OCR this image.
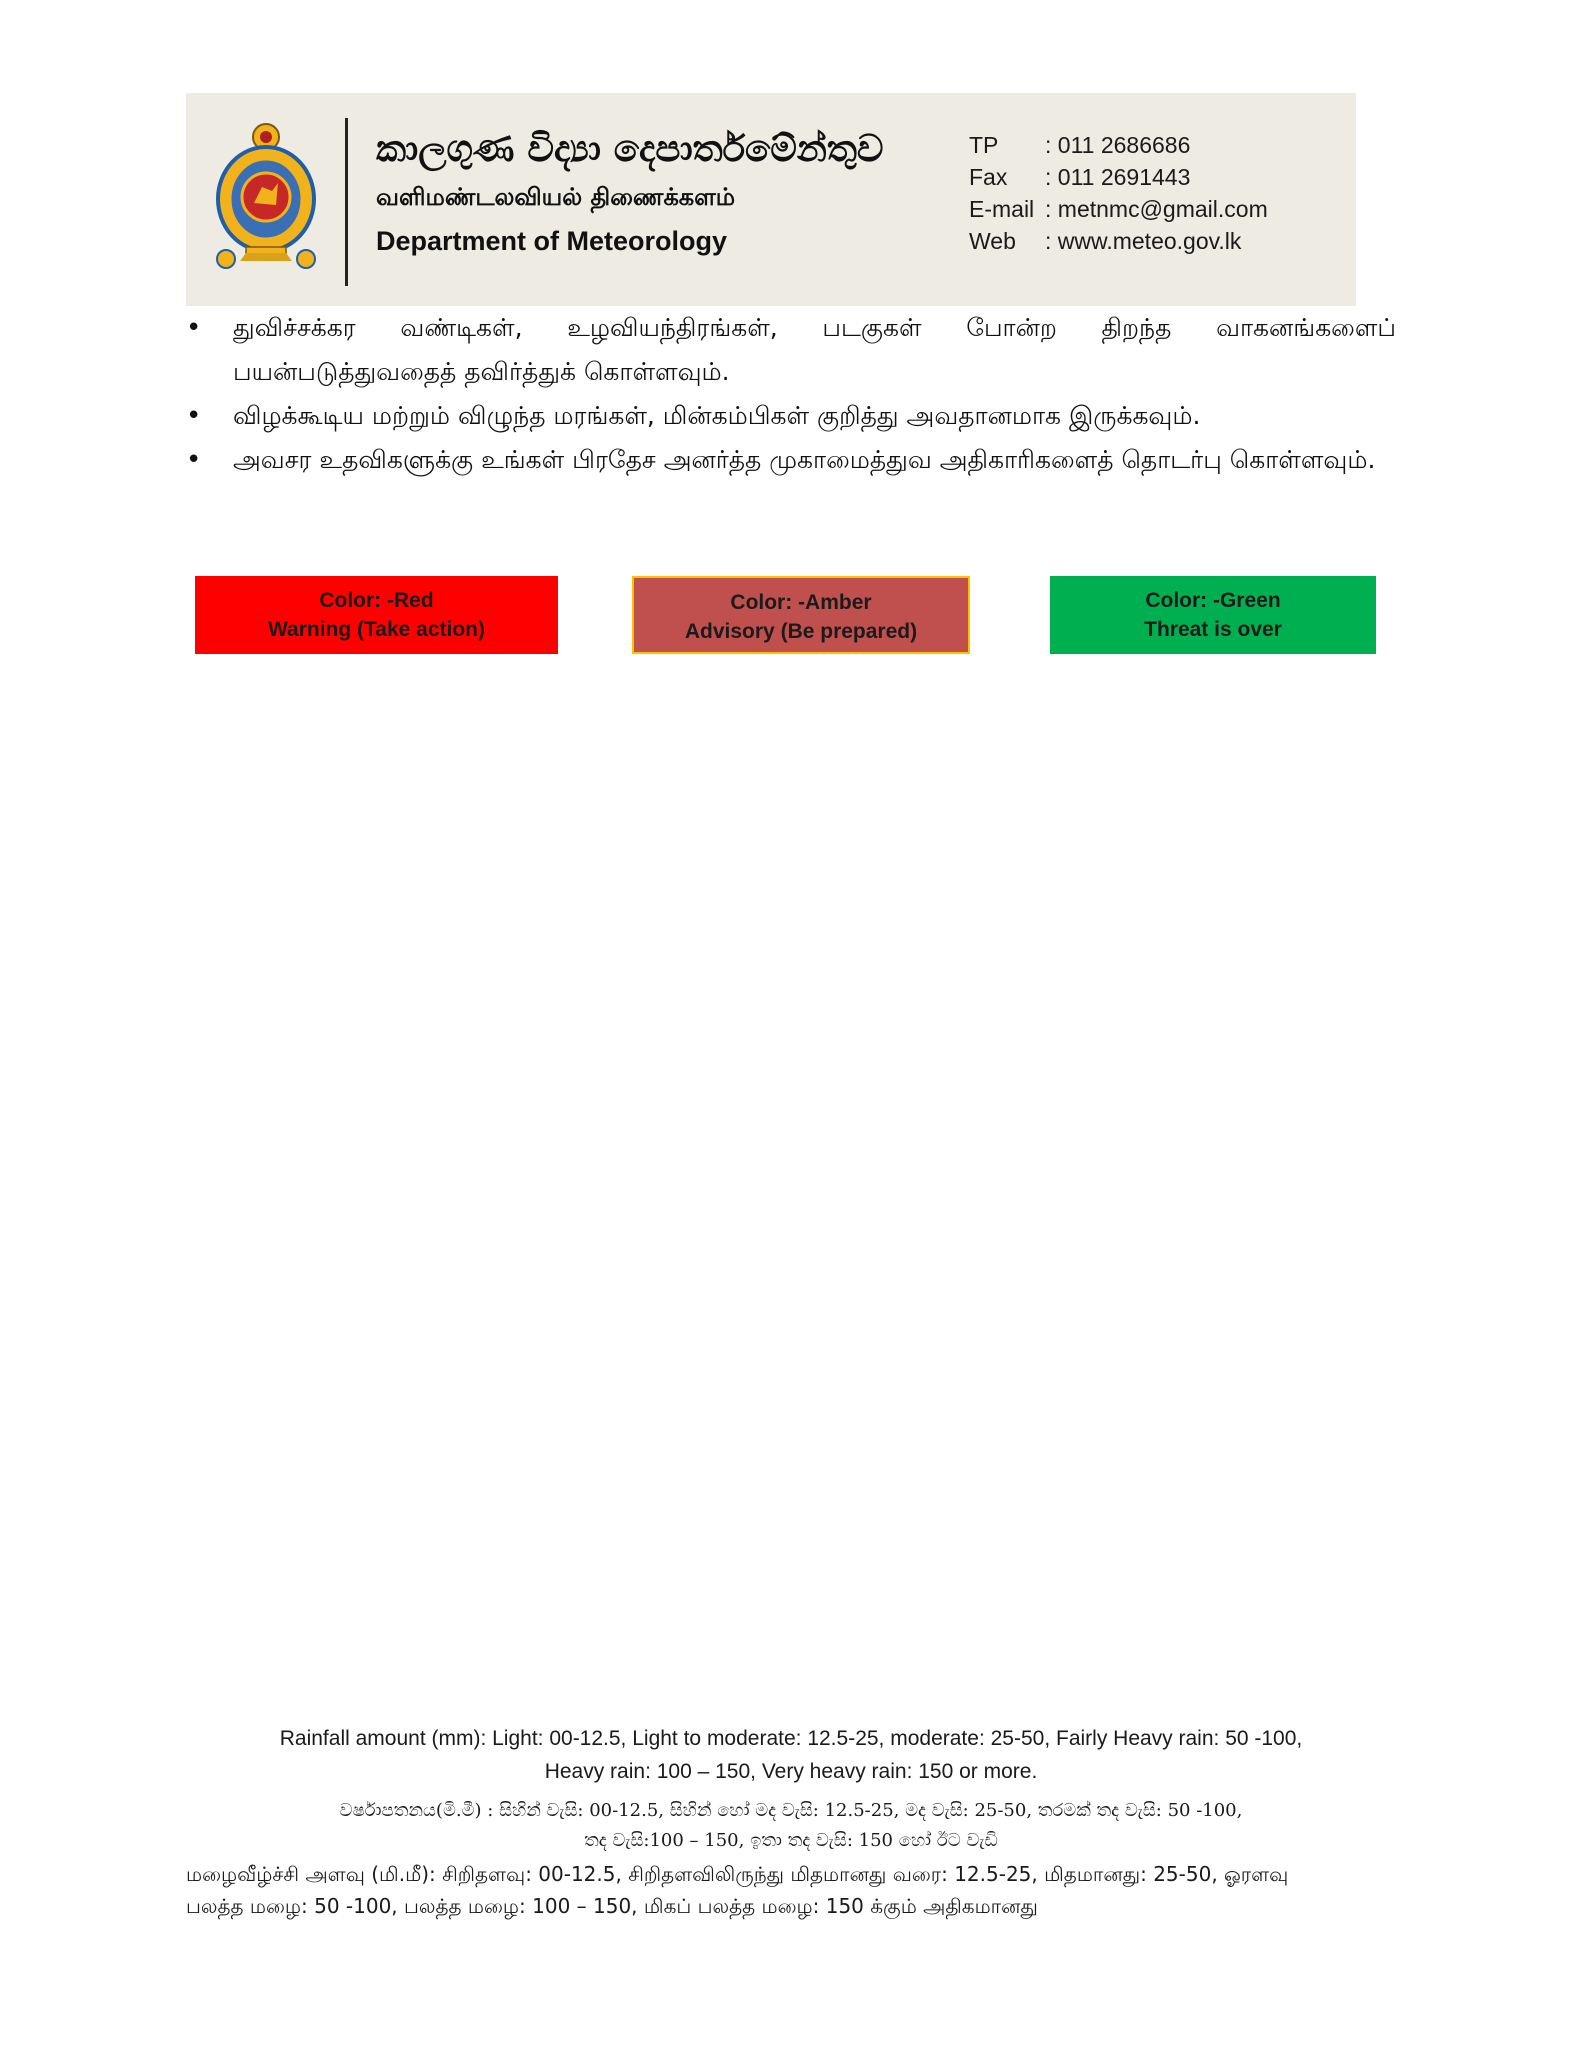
කාලගුණ විද්‍යා දෙපාර්තමේන්තුව
வளிமண்டலவியல் திணைக்களம்
Department of Meteorology
TP : 011 2686686
Fax : 011 2691443
E-mail : metnmc@gmail.com
Web : www.meteo.gov.lk
• துவிச்சக்கர வண்டிகள், உழவியந்திரங்கள், படகுகள் போன்ற திறந்த வாகனங்களைப் பயன்படுத்துவதைத் தவிர்த்துக் கொள்ளவும்.
• விழக்கூடிய மற்றும் விழுந்த மரங்கள், மின்கம்பிகள் குறித்து அவதானமாக இருக்கவும்.
• அவசர உதவிகளுக்கு உங்கள் பிரதேச அனர்த்த முகாமைத்துவ அதிகாரிகளைத் தொடர்பு கொள்ளவும்.
Color: -Red
Warning (Take action)
Color: -Amber
Advisory (Be prepared)
Color: -Green
Threat is over
Rainfall amount (mm): Light: 00-12.5, Light to moderate: 12.5-25, moderate: 25-50, Fairly Heavy rain: 50 -100,
Heavy rain: 100 – 150, Very heavy rain: 150 or more.
වර්ෂාපතනය(මි.මී) : සිහින් වැසි: 00-12.5, සිහින් හෝ මද වැසි: 12.5-25, මද වැසි: 25-50, තරමක් තද වැසි: 50 -100,
තද වැසි:100 – 150, ඉතා තද වැසි: 150 හෝ ඊට වැඩි
மழைவீழ்ச்சி அளவு (மி.மீ): சிறிதளவு: 00-12.5, சிறிதளவிலிருந்து மிதமானது வரை: 12.5-25, மிதமானது: 25-50, ஓரளவு
பலத்த மழை: 50 -100, பலத்த மழை: 100 – 150, மிகப் பலத்த மழை: 150 க்கும் அதிகமானது
